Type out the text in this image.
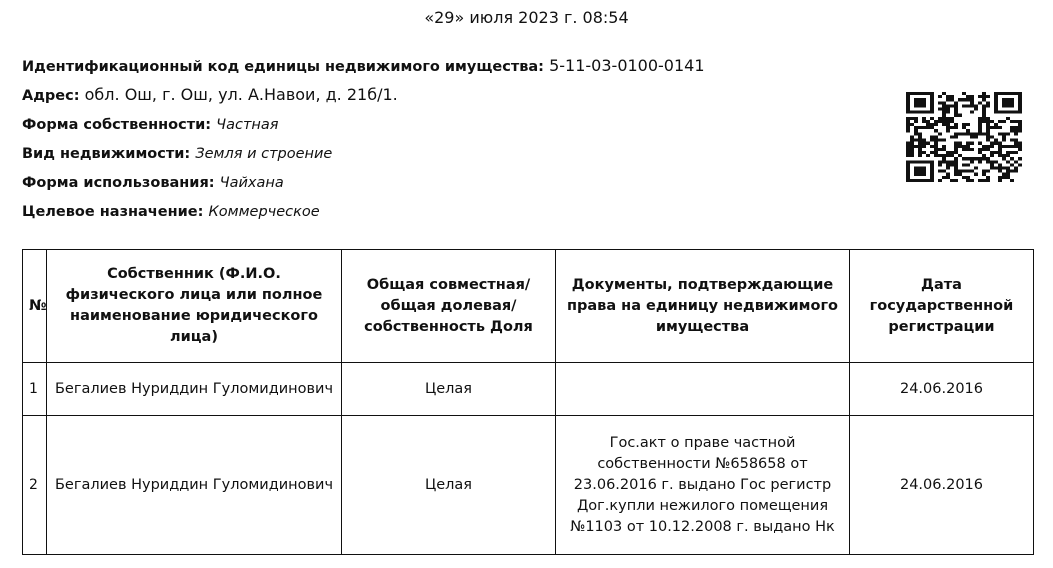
«29» июля 2023 г. 08:54
Идентификационный код единицы недвижимого имущества: 5-11-03-0100-0141
Адрес: обл. Ош, г. Ош, ул. А.Навои, д. 21б/1.
Форма собственности: Частная
Вид недвижимости: Земля и строение
Форма использования: Чайхана
Целевое назначение: Коммерческое
№	Собственник (Ф.И.О. физического лица или полное наименование юридического лица)	Общая совместная/ общая долевая/ собственность Доля	Документы, подтверждающие права на единицу недвижимого имущества	Дата государственной регистрации
1	Бегалиев Нуриддин Гуломидинович	Целая		24.06.2016
2	Бегалиев Нуриддин Гуломидинович	Целая	Гос.акт о праве частной собственности №658658 от 23.06.2016 г. выдано Гос регистр Дог.купли нежилого помещения №1103 от 10.12.2008 г. выдано Нк	24.06.2016
